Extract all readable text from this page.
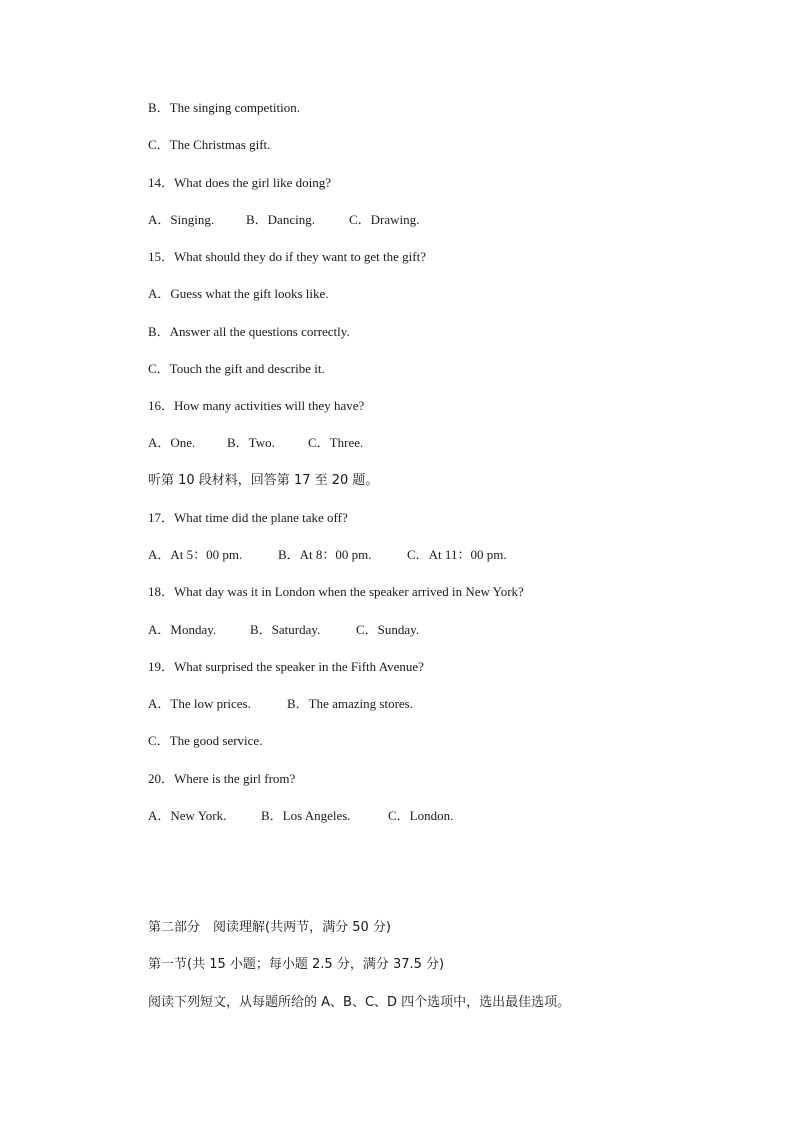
B．The singing competition.
C．The Christmas gift.
14．What does the girl like doing?
A．Singing. B．Dancing.	C．Drawing.
15．What should they do if they want to get the gift?
A．Guess what the gift looks like.
B．Answer all the questions correctly.
C．Touch the gift and describe it.
16．How many activities will they have?
A．One. B．Two.	C．Three.
听第 10 段材料，回答第 17 至 20 题。
17．What time did the plane take off?
A．At 5：00 pm.	B．At 8：00 pm.	C．At 11：00 pm.
18．What day was it in London when the speaker arrived in New York?
A．Monday.	B．Saturday.	C．Sunday.
19．What surprised the speaker in the Fifth Avenue?
A．The low prices.	B．The amazing stores.
C．The good service.
20．Where is the girl from?
A．New York.	B．Los Angeles.	C．London.
第二部分　阅读理解(共两节，满分 50 分)
第一节(共 15 小题；每小题 2.5 分，满分 37.5 分)
阅读下列短文，从每题所给的 A、B、C、D 四个选项中，选出最佳选项。
